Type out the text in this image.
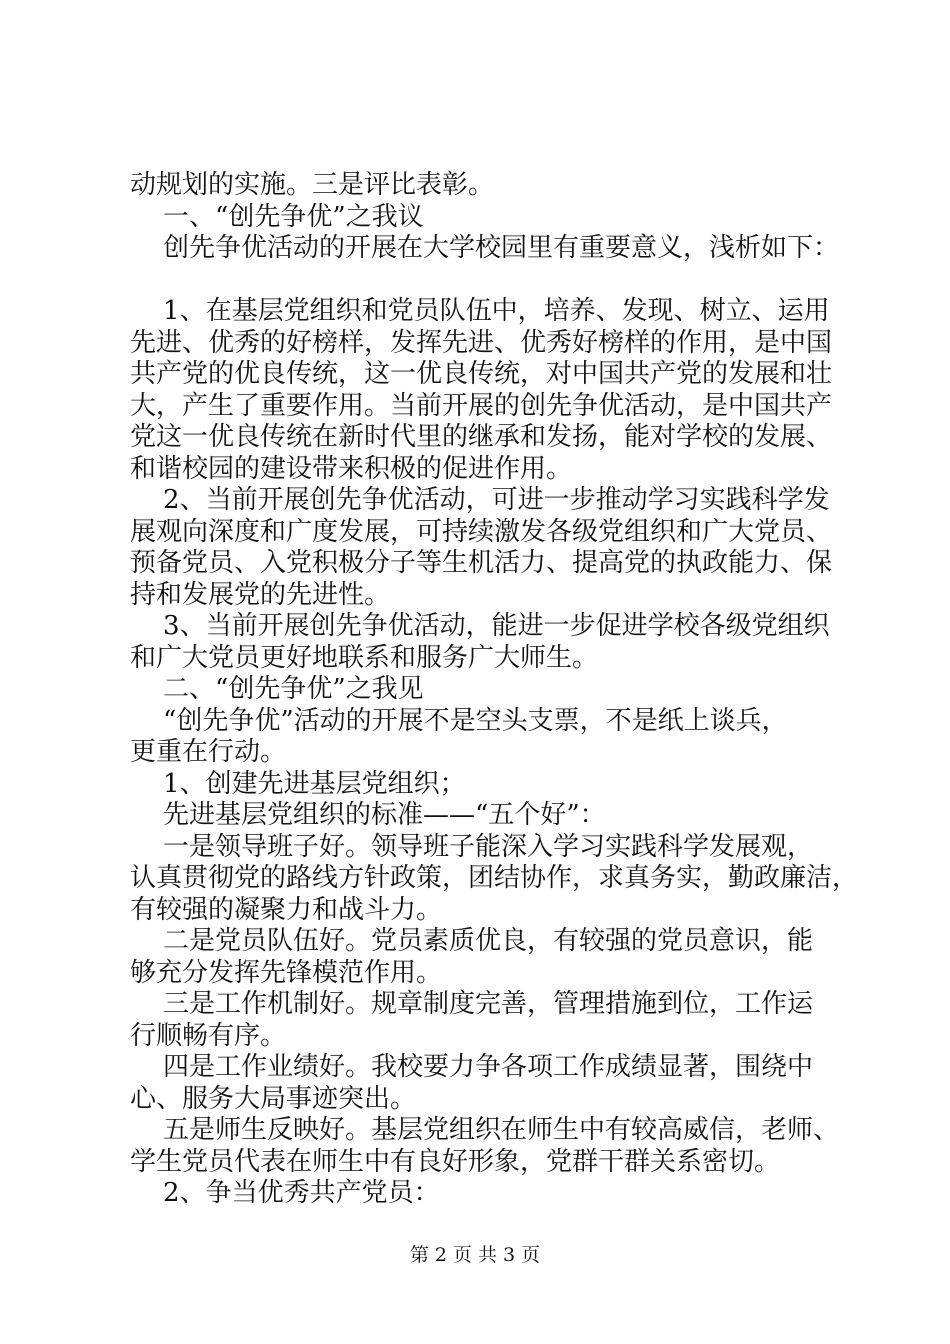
动规划的实施。三是评比表彰。

一、“创先争优”之我议

创先争优活动的开展在大学校园里有重要意义，浅析如下：

1、在基层党组织和党员队伍中，培养、发现、树立、运用

先进、优秀的好榜样，发挥先进、优秀好榜样的作用，是中国

共产党的优良传统，这一优良传统，对中国共产党的发展和壮

大，产生了重要作用。当前开展的创先争优活动，是中国共产

党这一优良传统在新时代里的继承和发扬，能对学校的发展、

和谐校园的建设带来积极的促进作用。

2、当前开展创先争优活动，可进一步推动学习实践科学发

展观向深度和广度发展，可持续激发各级党组织和广大党员、

预备党员、入党积极分子等生机活力、提高党的执政能力、保

持和发展党的先进性。

3、当前开展创先争优活动，能进一步促进学校各级党组织

和广大党员更好地联系和服务广大师生。

二、“创先争优”之我见

“创先争优”活动的开展不是空头支票，不是纸上谈兵，

更重在行动。

1、创建先进基层党组织；

先进基层党组织的标准——“五个好”：

一是领导班子好。领导班子能深入学习实践科学发展观，

认真贯彻党的路线方针政策，团结协作，求真务实，勤政廉洁，

有较强的凝聚力和战斗力。

二是党员队伍好。党员素质优良，有较强的党员意识，能

够充分发挥先锋模范作用。

三是工作机制好。规章制度完善，管理措施到位，工作运

行顺畅有序。

四是工作业绩好。我校要力争各项工作成绩显著，围绕中

心、服务大局事迹突出。

五是师生反映好。基层党组织在师生中有较高威信，老师、

学生党员代表在师生中有良好形象，党群干群关系密切。

2、争当优秀共产党员：

第 2 页 共 3 页
